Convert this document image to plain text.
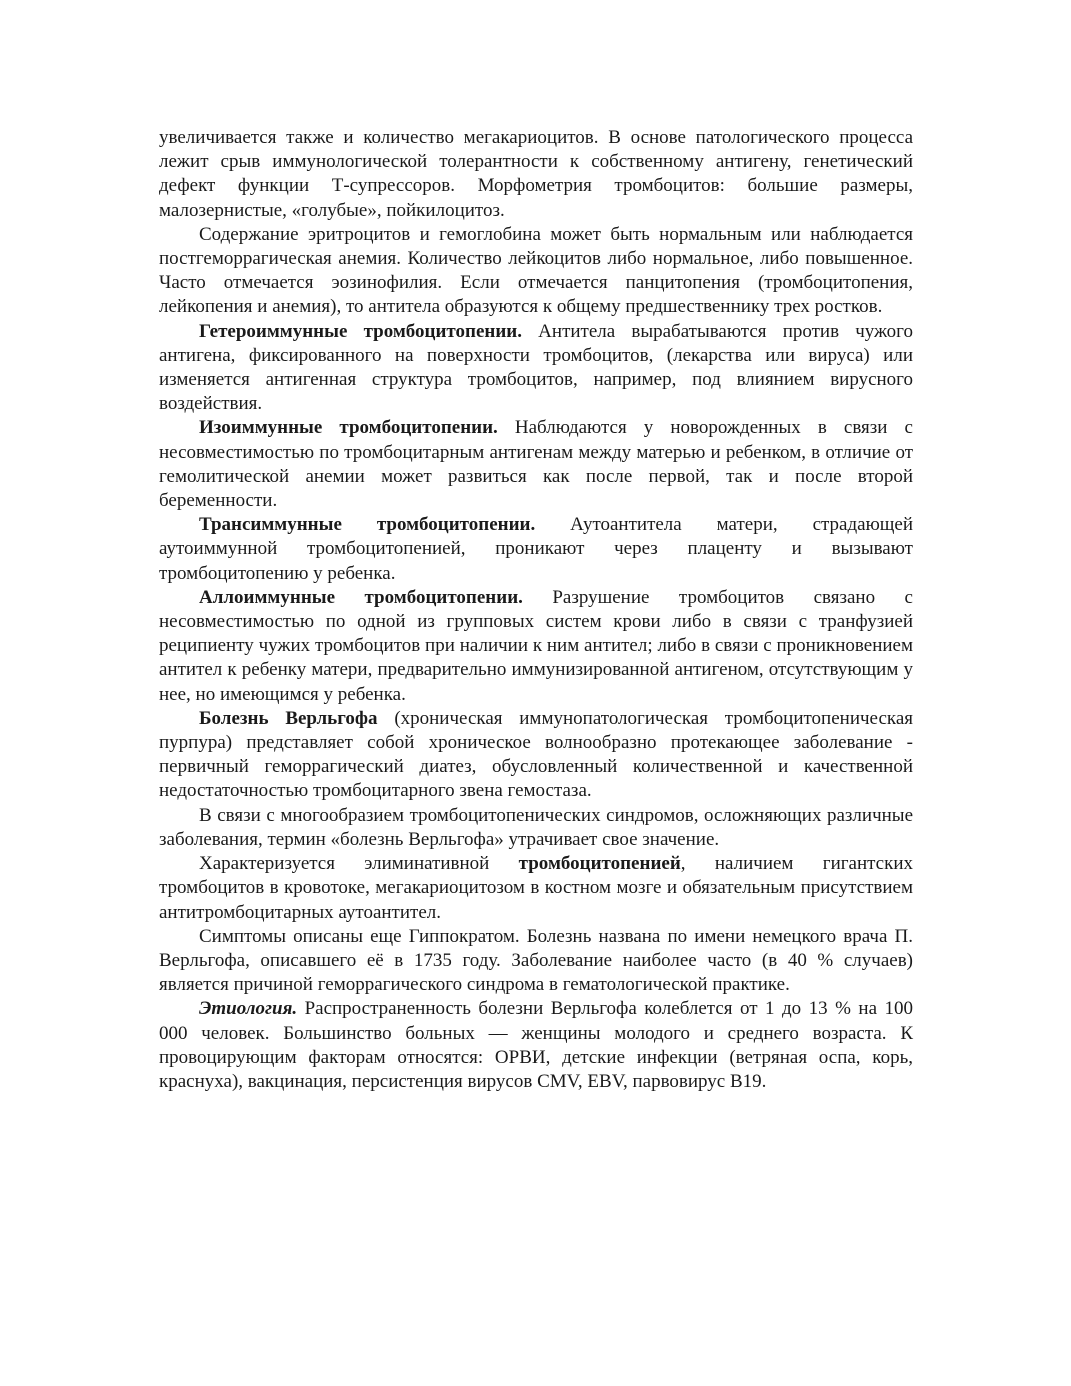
увеличивается также и количество мегакариоцитов. В основе патологического процесса лежит срыв иммунологической толерантности к собственному антигену, генетический дефект функции Т-супрессоров. Морфометрия тромбоцитов: большие размеры, малозернистые, «голубые», пойкилоцитоз.

Содержание эритроцитов и гемоглобина может быть нормальным или наблюдается постгеморрагическая анемия. Количество лейкоцитов либо нормальное, либо повышенное. Часто отмечается эозинофилия. Если отмечается панцитопения (тромбоцитопения, лейкопения и анемия), то антитела образуются к общему предшественнику трех ростков.

Гетероиммунные тромбоцитопении. Антитела вырабатываются против чужого антигена, фиксированного на поверхности тромбоцитов, (лекарства или вируса) или изменяется антигенная структура тромбоцитов, например, под влиянием вирусного воздействия.

Изоиммунные тромбоцитопении. Наблюдаются у новорожденных в связи с несовместимостью по тромбоцитарным антигенам между матерью и ребенком, в отличие от гемолитической анемии может развиться как после первой, так и после второй беременности.

Трансиммунные тромбоцитопении. Аутоантитела матери, страдающей аутоиммунной тромбоцитопенией, проникают через плаценту и вызывают тромбоцитопению у ребенка.

Аллоиммунные тромбоцитопении. Разрушение тромбоцитов связано с несовместимостью по одной из групповых систем крови либо в связи с транфузией реципиенту чужих тромбоцитов при наличии к ним антител; либо в связи с проникновением антител к ребенку матери, предварительно иммунизированной антигеном, отсутствующим у нее, но имеющимся у ребенка.

Болезнь Верльгофа (хроническая иммунопатологическая тромбоцитопеническая пурпура) представляет собой хроническое волнообразно протекающее заболевание - первичный геморрагический диатез, обусловленный количественной и качественной недостаточностью тромбоцитарного звена гемостаза.

В связи с многообразием тромбоцитопенических синдромов, осложняющих различные заболевания, термин «болезнь Верльгофа» утрачивает свое значение.

Характеризуется элиминативной тромбоцитопенией, наличием гигантских тромбоцитов в кровотоке, мегакариоцитозом в костном мозге и обязательным присутствием антитромбоцитарных аутоантител.

Симптомы описаны еще Гиппократом. Болезнь названа по имени немецкого врача П. Верльгофа, описавшего её в 1735 году. Заболевание наиболее часто (в 40 % случаев) является причиной геморрагического синдрома в гематологической практике.

Этиология. Распространенность болезни Верльгофа колеблется от 1 до 13 % на 100 000 человек. Большинство больных — женщины молодого и среднего возраста. К провоцирующим факторам относятся: ОРВИ, детские инфекции (ветряная оспа, корь, краснуха), вакцинация, персистенция вирусов CMV, EBV, парвовирус B19.
